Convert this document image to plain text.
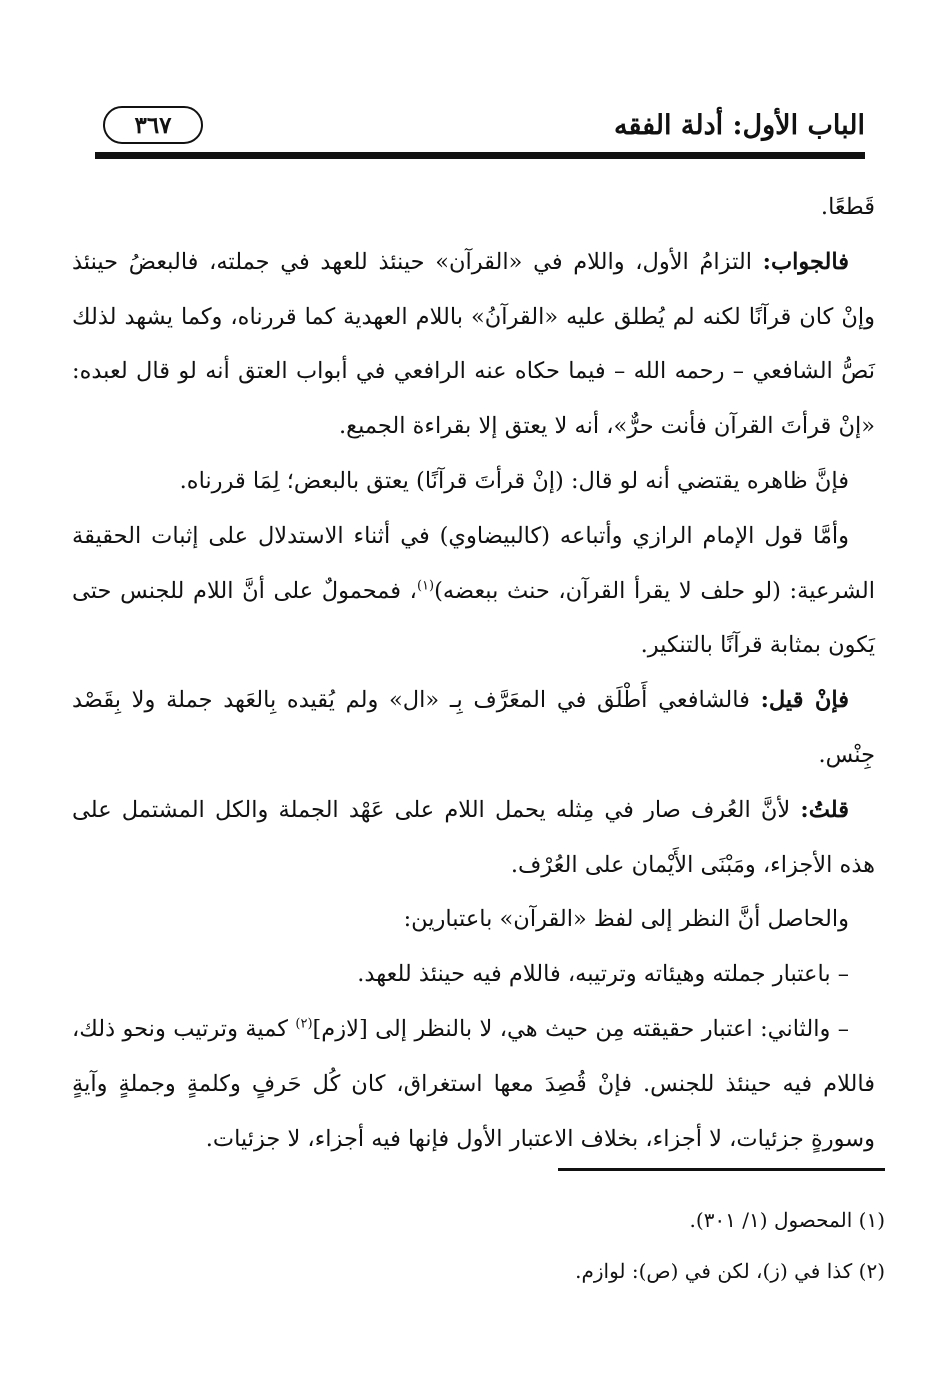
الباب الأول: أدلة الفقه
٣٦٧

قَطعًا.

فالجواب: التزامُ الأول، واللام في «القرآن» حينئذ للعهد في جملته، فالبعضُ حينئذ وإنْ كان قرآنًا لكنه لم يُطلق عليه «القرآنُ» باللام العهدية كما قررناه، وكما يشهد لذلك نَصُّ الشافعي – رحمه الله – فيما حكاه عنه الرافعي في أبواب العتق أنه لو قال لعبده: «إنْ قرأتَ القرآن فأنت حرٌّ»، أنه لا يعتق إلا بقراءة الجميع.

فإنَّ ظاهره يقتضي أنه لو قال: (إنْ قرأتَ قرآنًا) يعتق بالبعض؛ لِمَا قررناه.

وأمَّا قول الإمام الرازي وأتباعه (كالبيضاوي) في أثناء الاستدلال على إثبات الحقيقة الشرعية: (لو حلف لا يقرأ القرآن، حنث ببعضه)$^{(١)}$، فمحمولٌ على أنَّ اللام للجنس حتى يَكون بمثابة قرآنًا بالتنكير.

فإنْ قيل: فالشافعي أَطْلَق في المعَرَّف بِـ «ال» ولم يُقيده بِالعَهد جملة ولا بِقَصْد جِنْس.

قلتُ: لأنَّ العُرف صار في مِثله يحمل اللام على عَهْد الجملة والكل المشتمل على هذه الأجزاء، ومَبْنَى الأَيْمان على العُرْف.

والحاصل أنَّ النظر إلى لفظ «القرآن» باعتبارين:

– باعتبار جملته وهيئاته وترتيبه، فاللام فيه حينئذ للعهد.

– والثاني: اعتبار حقيقته مِن حيث هي، لا بالنظر إلى [لازم]$^{(٢)}$ كمية وترتيب ونحو ذلك، فاللام فيه حينئذ للجنس. فإنْ قُصِدَ معها استغراق، كان كُل حَرفٍ وكلمةٍ وجملةٍ وآيةٍ وسورةٍ جزئيات، لا أجزاء، بخلاف الاعتبار الأول فإنها فيه أجزاء، لا جزئيات.

(١) المحصول (١/ ٣٠١).

(٢) كذا في (ز)، لكن في (ص): لوازم.
